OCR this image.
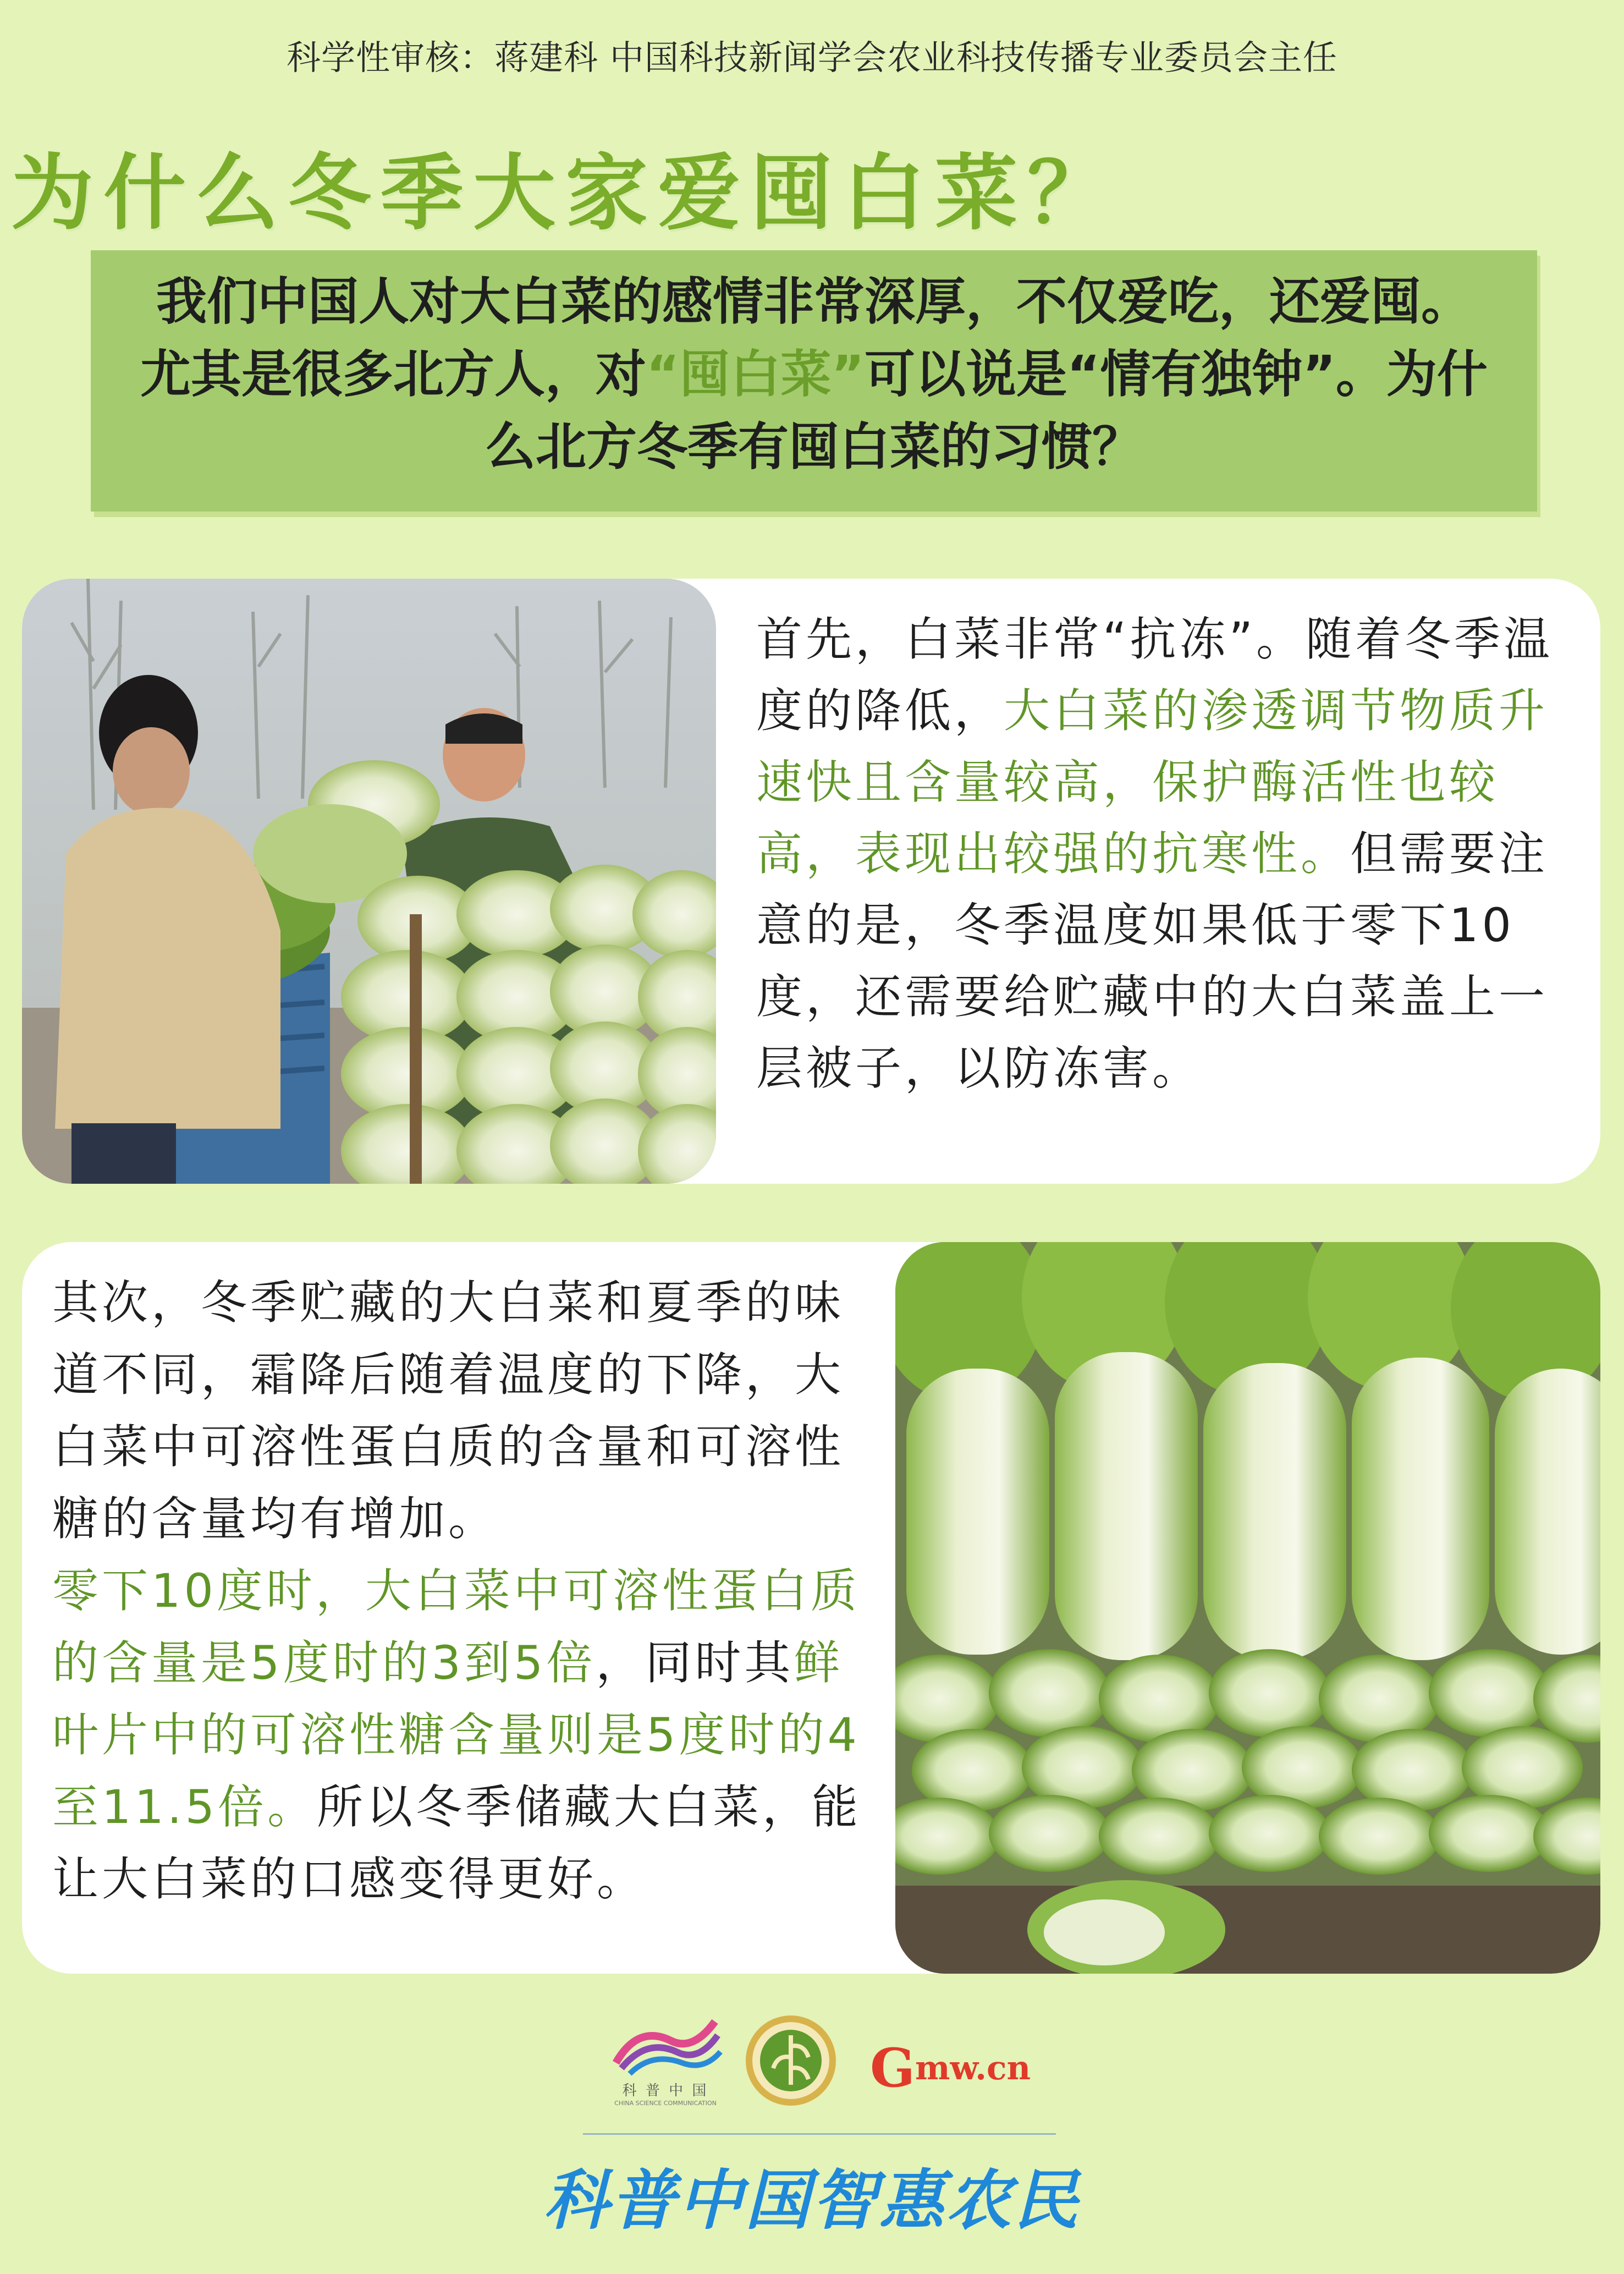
科学性审核：蒋建科 中国科技新闻学会农业科技传播专业委员会主任
为什么冬季大家爱囤白菜？
我们中国人对大白菜的感情非常深厚，不仅爱吃，还爱囤。尤其是很多北方人，对“囤白菜”可以说是“情有独钟”。为什么北方冬季有囤白菜的习惯？
首先，白菜非常“抗冻”。随着冬季温度的降低，大白菜的渗透调节物质升速快且含量较高，保护酶活性也较高，表现出较强的抗寒性。但需要注意的是，冬季温度如果低于零下10度，还需要给贮藏中的大白菜盖上一层被子，以防冻害。
其次，冬季贮藏的大白菜和夏季的味道不同，霜降后随着温度的下降，大白菜中可溶性蛋白质的含量和可溶性糖的含量均有增加。
零下10度时，大白菜中可溶性蛋白质的含量是5度时的3到5倍，同时其鲜叶片中的可溶性糖含量则是5度时的4至11.5倍。所以冬季储藏大白菜，能让大白菜的口感变得更好。
科 普 中 国
CHINA SCIENCE COMMUNICATION
Gmw.cn
科普中国智惠农民
